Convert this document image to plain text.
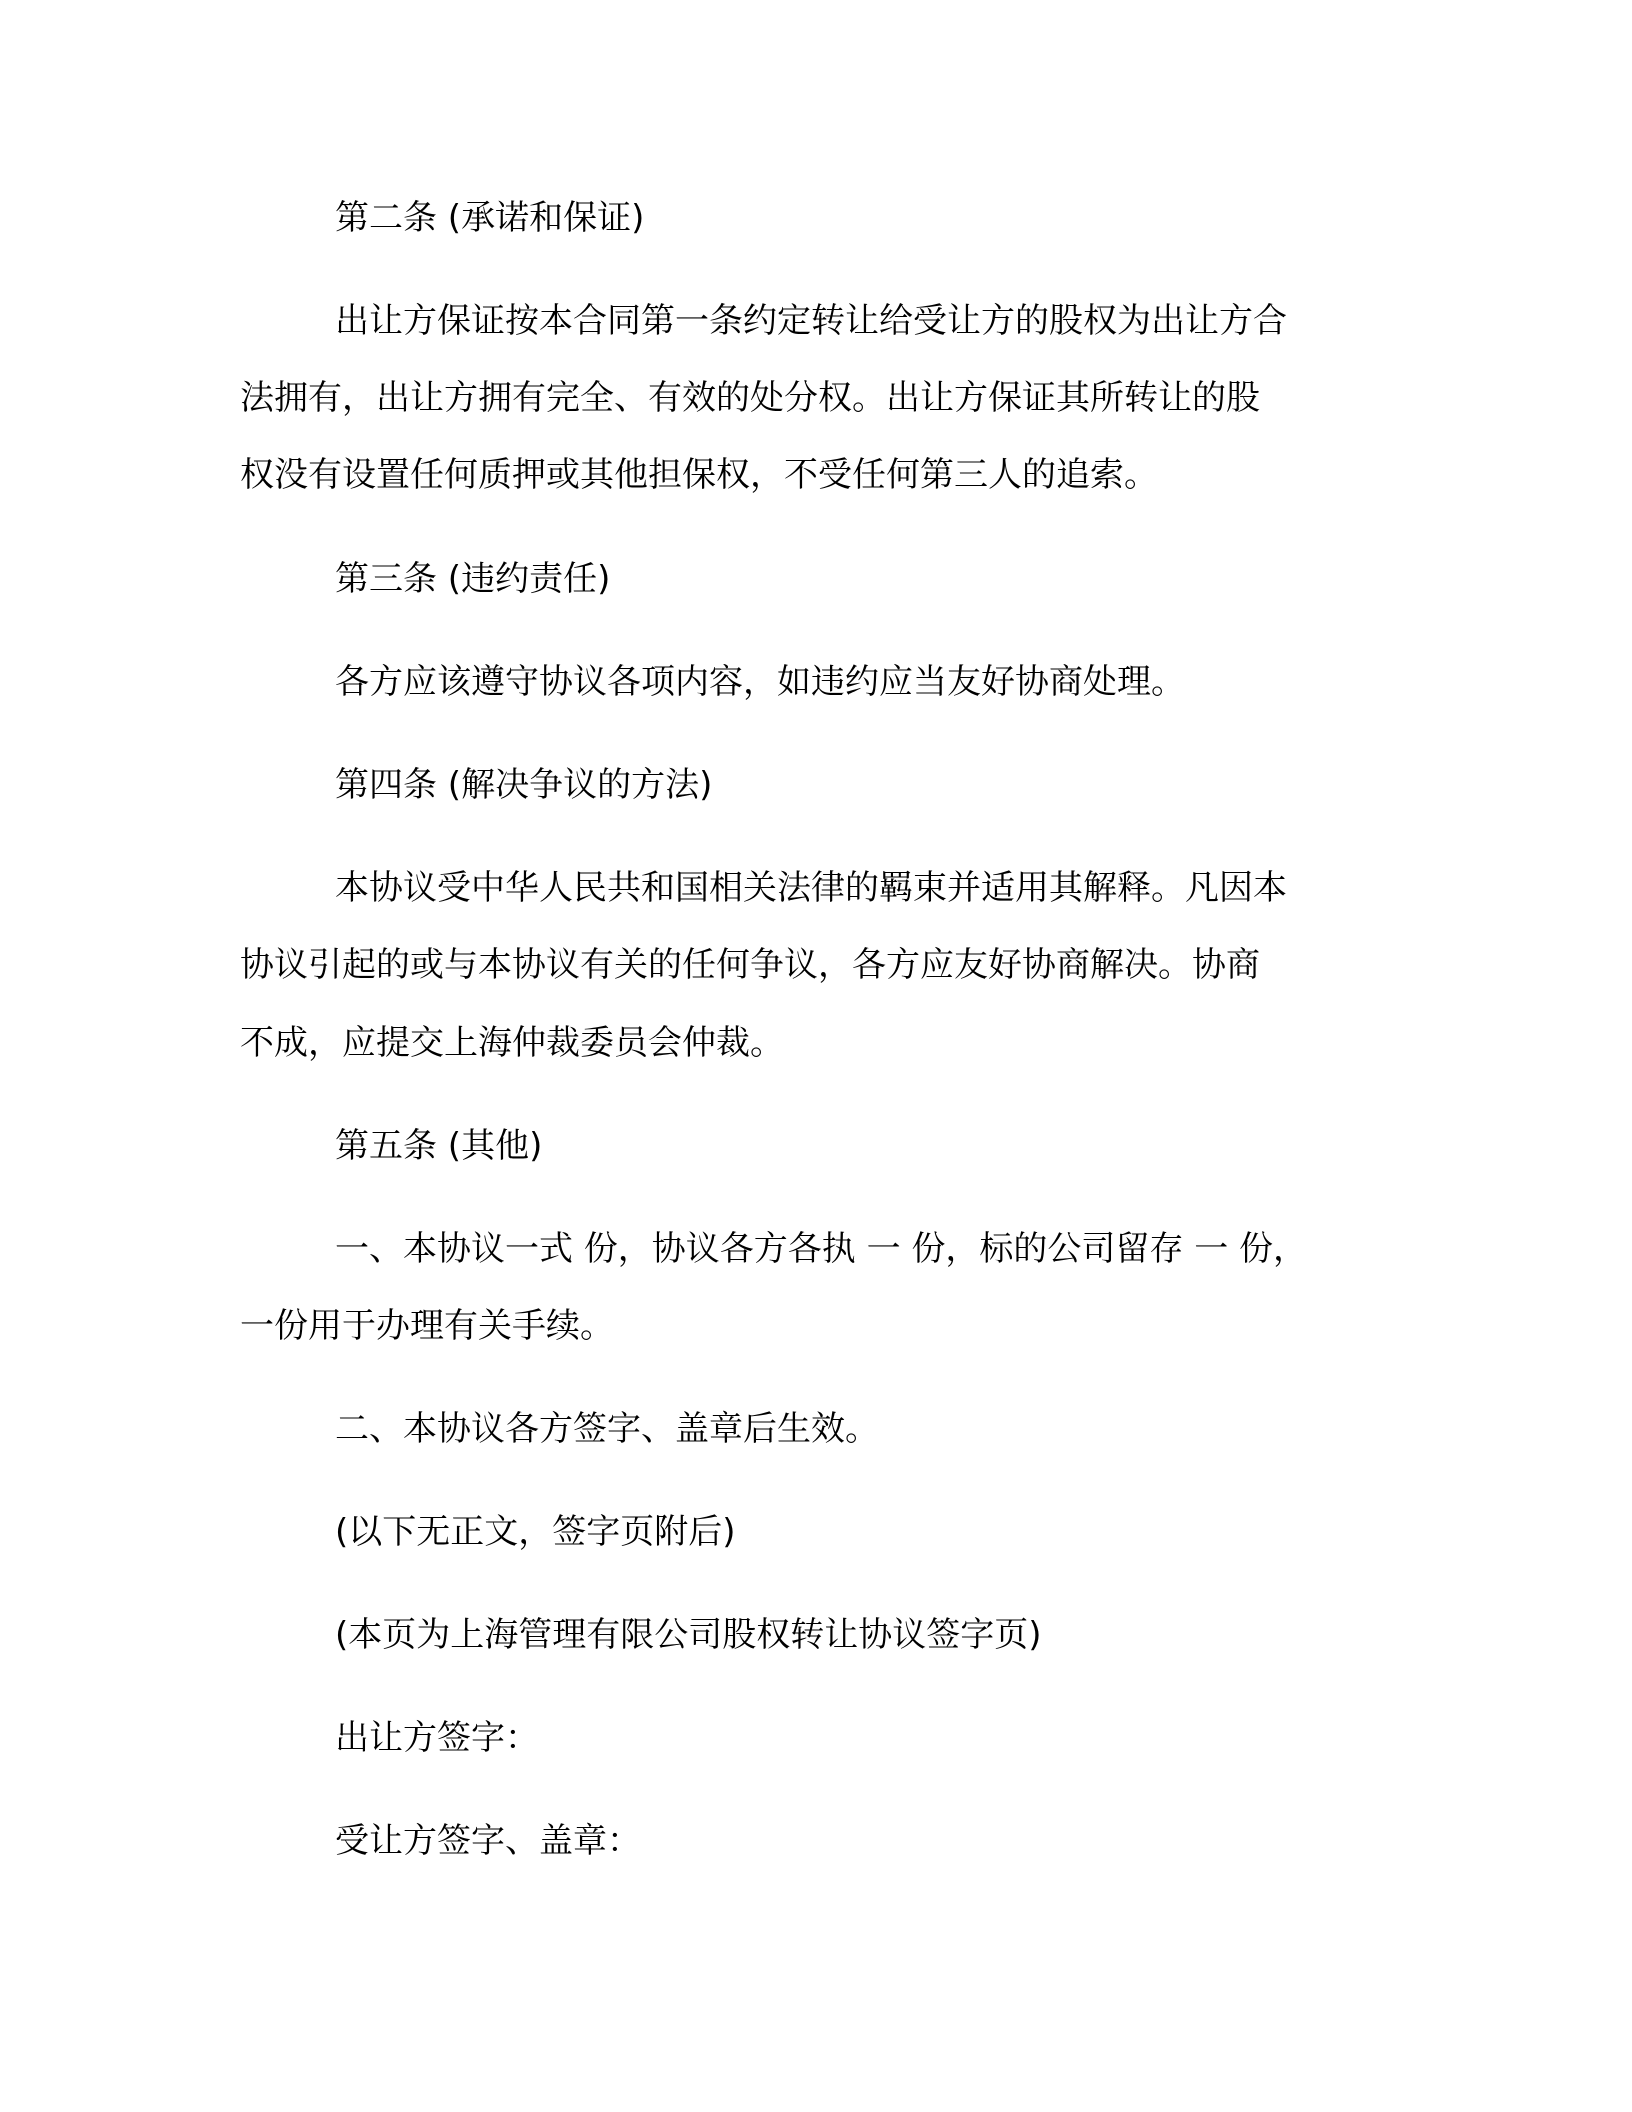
第二条 (承诺和保证)
出让方保证按本合同第一条约定转让给受让方的股权为出让方合
法拥有，出让方拥有完全、有效的处分权。出让方保证其所转让的股
权没有设置任何质押或其他担保权，不受任何第三人的追索。
第三条 (违约责任)
各方应该遵守协议各项内容，如违约应当友好协商处理。
第四条 (解决争议的方法)
本协议受中华人民共和国相关法律的羁束并适用其解释。凡因本
协议引起的或与本协议有关的任何争议，各方应友好协商解决。协商
不成，应提交上海仲裁委员会仲裁。
第五条 (其他)
一、本协议一式 份，协议各方各执 一 份，标的公司留存 一 份，
一份用于办理有关手续。
二、本协议各方签字、盖章后生效。
(以下无正文，签字页附后)
(本页为上海管理有限公司股权转让协议签字页)
出让方签字：
受让方签字、盖章：
